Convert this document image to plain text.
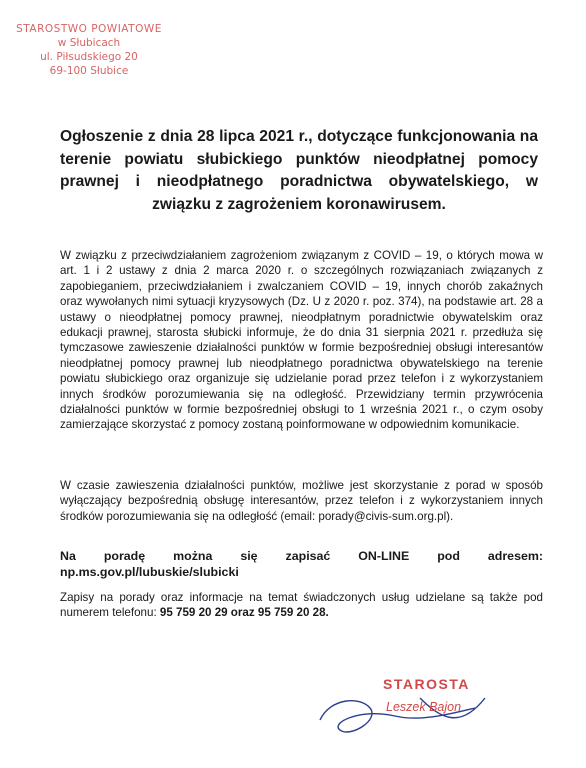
STAROSTWO POWIATOWE
w Słubicach
ul. Piłsudskiego 20
69-100 Słubice
Ogłoszenie z dnia 28 lipca 2021 r., dotyczące funkcjonowania na terenie powiatu słubickiego punktów nieodpłatnej pomocy prawnej i nieodpłatnego poradnictwa obywatelskiego, w związku z zagrożeniem koronawirusem.
W związku z przeciwdziałaniem zagrożeniom związanym z COVID – 19, o których mowa w art. 1 i 2 ustawy z dnia 2 marca 2020 r. o szczególnych rozwiązaniach związanych z zapobieganiem, przeciwdziałaniem i zwalczaniem COVID – 19, innych chorób zakaźnych oraz wywołanych nimi sytuacji kryzysowych (Dz. U z 2020 r. poz. 374), na podstawie art. 28 a ustawy o nieodpłatnej pomocy prawnej, nieodpłatnym poradnictwie obywatelskim oraz edukacji prawnej, starosta słubicki informuje, że do dnia 31 sierpnia 2021 r. przedłuża się tymczasowe zawieszenie działalności punktów w formie bezpośredniej obsługi interesantów nieodpłatnej pomocy prawnej lub nieodpłatnego poradnictwa obywatelskiego na terenie powiatu słubickiego oraz organizuje się udzielanie porad przez telefon i z wykorzystaniem innych środków porozumiewania się na odległość. Przewidziany termin przywrócenia działalności punktów w formie bezpośredniej obsługi to 1 września 2021 r., o czym osoby zamierzające skorzystać z pomocy zostaną poinformowane w odpowiednim komunikacie.
W czasie zawieszenia działalności punktów, możliwe jest skorzystanie z porad w sposób wyłączający bezpośrednią obsługę interesantów, przez telefon i z wykorzystaniem innych środków porozumiewania się na odległość (email: porady@civis-sum.org.pl).
Na poradę można się zapisać ON-LINE pod adresem: np.ms.gov.pl/lubuskie/slubicki
Zapisy na porady oraz informacje na temat świadczonych usług udzielane są także pod numerem telefonu: 95 759 20 29 oraz 95 759 20 28.
STAROSTA
Leszek Bajon
